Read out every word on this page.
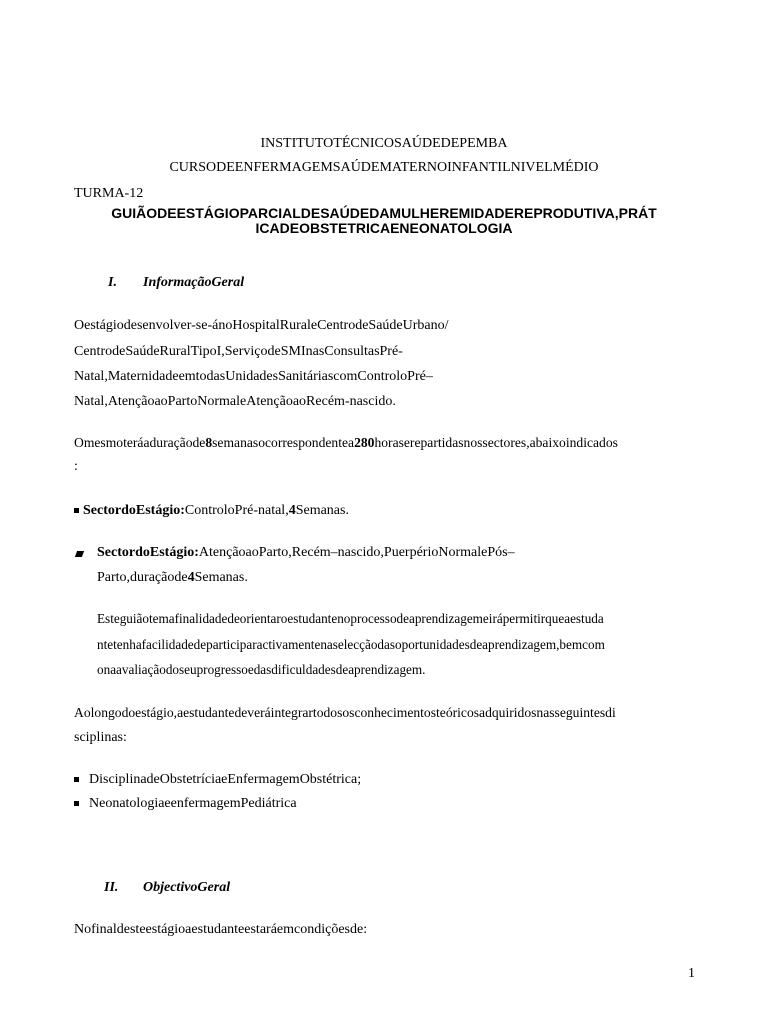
INSTITUTOTÉCNICOSAÚDEDEPEMBA
CURSODEENFERMAGEMSAÚDEMATERNOINFANTILNIVELMÉDIO
TURMA-12
GUIÃODEESTÁGIOPARCIALDESAÚDEDAMULHEREMIDADEREPRODUTIVA,PRÁT
ICADEOBSTETRICAENEONATOLOGIA
I. InformaçãoGeral
Oestágiodesenvolver-se-ánoHospitalRuraleCentrodeSaúdeUrbano/
CentrodeSaúdeRuralTipoI,ServiçodeSMInasConsultasPré-
Natal,MaternidadeemtodasUnidadesSanitáriascomControloPré–
Natal,AtençãoaoPartoNormaleAtençãoaoRecém-nascido.
Omesmoteráaduraçãode8semanasocorrespondentea280horaserepartidasnossectores,abaixoindicados
:
SectordoEstágio:ControloPré-natal,4Semanas.
SectordoEstágio:AtençãoaoParto,Recém–nascido,PuerpérioNormalePós–
Parto,duraçãode4Semanas.
Esteguiãotemafinalidadedeorientaroestudantenoprocessodeaprendizagemeirápermitirqueaestuda
ntetenhafacilidadedeparticiparactivamentenaselecçãodasoportunidadesdeaprendizagem,bemcom
onaavaliaçãodoseuprogressoedasdificuldadesdeaprendizagem.
Aolongodoestágio,aestudantedeveráintegrartodososconhecimentosteóricosadquiridosnasseguintesdi
sciplinas:
DisciplinadeObstetríciaeEnfermagemObstétrica;
NeonatologiaeenfermagemPediátrica
II. ObjectivoGeral
Nofinaldesteestágioaestudanteestaráemcondiçõesde:
1
